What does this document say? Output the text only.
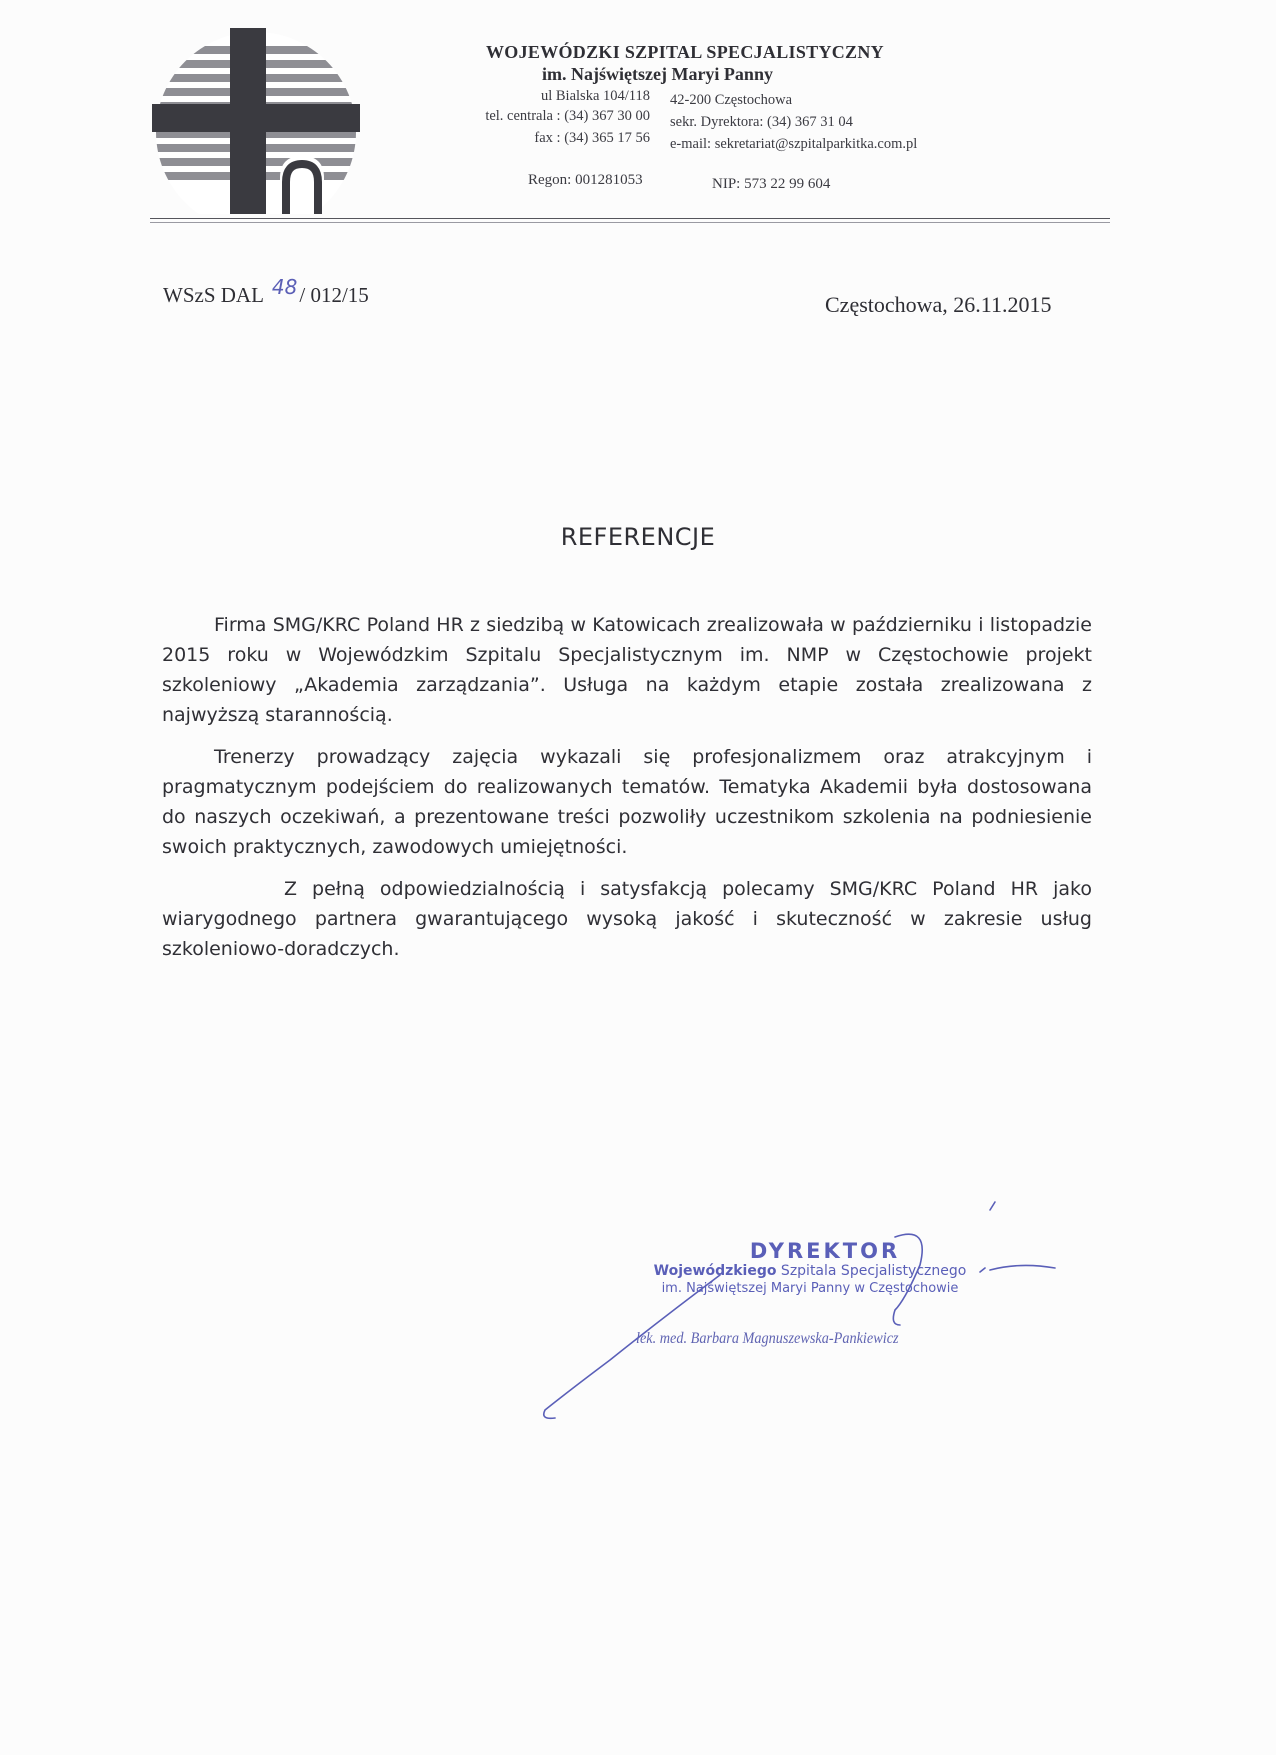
WOJEWÓDZKI SZPITAL SPECJALISTYCZNY
im. Najświętszej Maryi Panny
ul Bialska 104/118 42-200 Częstochowa
tel. centrala : (34) 367 30 00 sekr. Dyrektora: (34) 367 31 04
fax : (34) 365 17 56 e-mail: sekretariat@szpitalparkitka.com.pl
Regon: 001281053	NIP: 573 22 99 604
WSzS DAL 48/ 012/15	Częstochowa, 26.11.2015
REFERENCJE

Firma SMG/KRC Poland HR z siedzibą w Katowicach zrealizowała w październiku i listopadzie 2015 roku w Wojewódzkim Szpitalu Specjalistycznym im. NMP w Częstochowie projekt szkoleniowy „Akademia zarządzania”. Usługa na każdym etapie została zrealizowana z najwyższą starannością.

Trenerzy prowadzący zajęcia wykazali się profesjonalizmem oraz atrakcyjnym i pragmatycznym podejściem do realizowanych tematów. Tematyka Akademii była dostosowana do naszych oczekiwań, a prezentowane treści pozwoliły uczestnikom szkolenia na podniesienie swoich praktycznych, zawodowych umiejętności.

Z pełną odpowiedzialnością i satysfakcją polecamy SMG/KRC Poland HR jako wiarygodnego partnera gwarantującego wysoką jakość i skuteczność w zakresie usług szkoleniowo-doradczych.

DYREKTOR
Wojewódzkiego Szpitala Specjalistycznego
im. Najświętszej Maryi Panny w Częstochowie
lek. med. Barbara Magnuszewska-Pankiewicz
